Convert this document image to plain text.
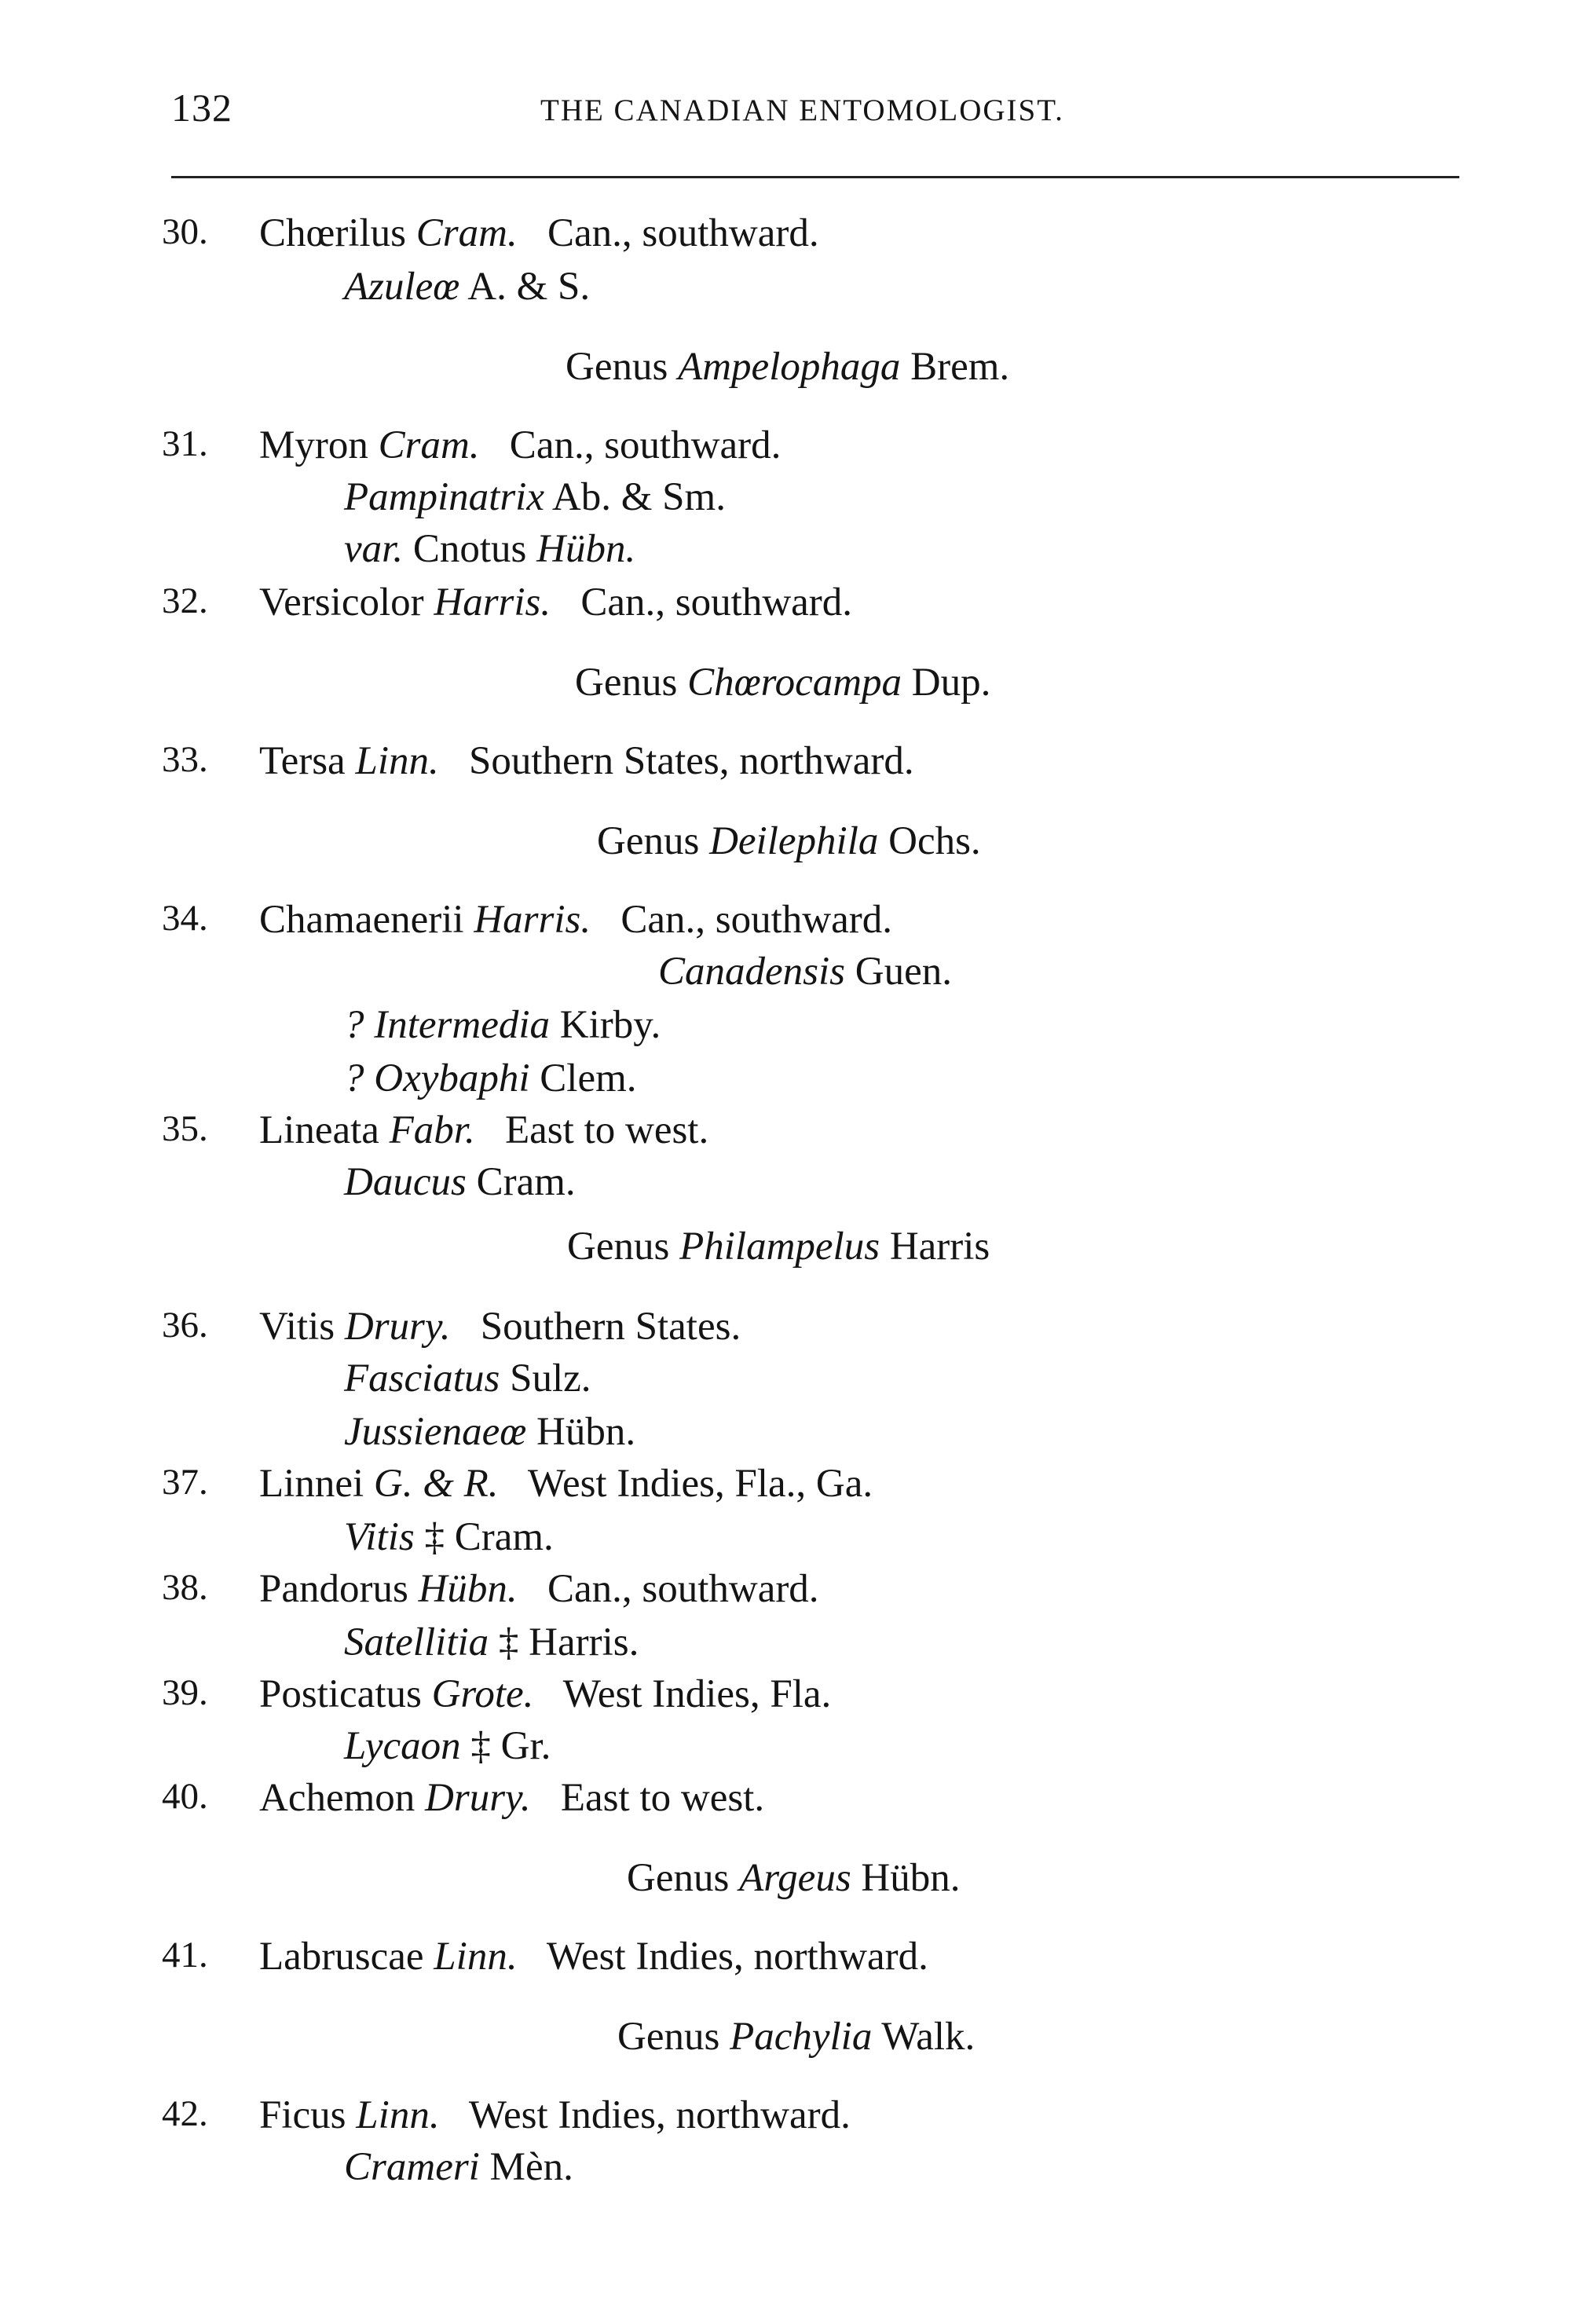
132	THE CANADIAN ENTOMOLOGIST.
30. Chœrilus Cram. Can., southward.
Azuleœ A. & S.
Genus Ampelophaga Brem.
31. Myron Cram. Can., southward.
Pampinatrix Ab. & Sm.
var. Cnotus Hübn.
32. Versicolor Harris. Can., southward.
Genus Chœrocampa Dup.
33. Tersa Linn. Southern States, northward.
Genus Deilephila Ochs.
34. Chamaenerii Harris. Can., southward.
Canadensis Guen.
? Intermedia Kirby.
? Oxybaphi Clem.
35. Lineata Fabr. East to west.
Daucus Cram.
Genus Philampelus Harris
36. Vitis Drury. Southern States.
Fasciatus Sulz.
Jussienaeœ Hübn.
37. Linnei G. & R. West Indies, Fla., Ga.
Vitis ‡ Cram.
38. Pandorus Hübn. Can., southward.
Satellitia ‡ Harris.
39. Posticatus Grote. West Indies, Fla.
Lycaon ‡ Gr.
40. Achemon Drury. East to west.
Genus Argeus Hübn.
41. Labruscae Linn. West Indies, northward.
Genus Pachylia Walk.
42. Ficus Linn. West Indies, northward.
Crameri Mèn.
